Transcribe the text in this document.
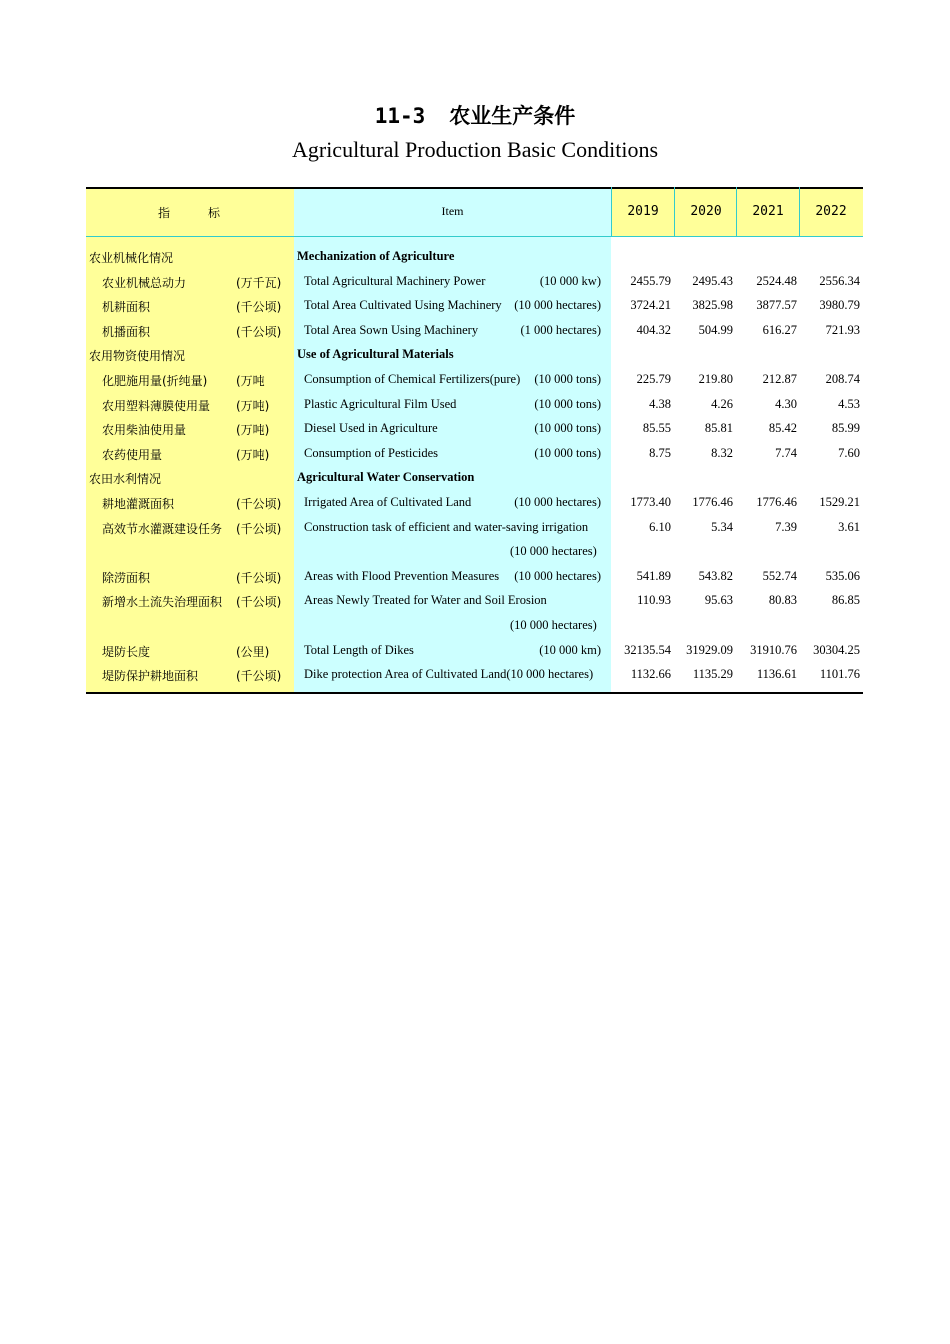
11-3 农业生产条件
Agricultural Production Basic Conditions
指	标	Item	2019	2020	2021	2022
农业机械化情况	Mechanization of Agriculture
农业机械总动力	(万千瓦)	Total Agricultural Machinery Power	(10 000 kw)	2455.79	2495.43	2524.48	2556.34
机耕面积	(千公顷)	Total Area Cultivated Using Machinery (10 000 hectares)	3724.21	3825.98	3877.57	3980.79
机播面积	(千公顷)	Total Area Sown Using Machinery	(1 000 hectares)	404.32	504.99	616.27	721.93
农用物资使用情况	Use of Agricultural Materials
化肥施用量(折纯量) (万吨	Consumption of Chemical Fertilizers(pure) (10 000 tons)	225.79	219.80	212.87	208.74
农用塑料薄膜使用量 (万吨)	Plastic Agricultural Film Used	(10 000 tons)	4.38	4.26	4.30	4.53
农用柴油使用量	(万吨)	Diesel Used in Agriculture	(10 000 tons)	85.55	85.81	85.42	85.99
农药使用量	(万吨)	Consumption of Pesticides	(10 000 tons)	8.75	8.32	7.74	7.60
农田水利情况	Agricultural Water Conservation
耕地灌溉面积	(千公顷)	Irrigated Area of Cultivated Land	(10 000 hectares)	1773.40	1776.46	1776.46	1529.21
高效节水灌溉建设任务 (千公顷)	Construction task of efficient and water-saving irrigation	6.10	5.34	7.39	3.61
(10 000 hectares)
除涝面积	(千公顷)	Areas with Flood Prevention Measures (10 000 hectares)	541.89	543.82	552.74	535.06
新增水土流失治理面积 (千公顷)	Areas Newly Treated for Water and Soil Erosion	110.93	95.63	80.83	86.85
(10 000 hectares)
堤防长度	(公里)	Total Length of Dikes	(10 000 km)	32135.54	31929.09	31910.76	30304.25
堤防保护耕地面积	(千公顷)	Dike protection Area of Cultivated Land(10 000 hectares)	1132.66	1135.29	1136.61	1101.76
